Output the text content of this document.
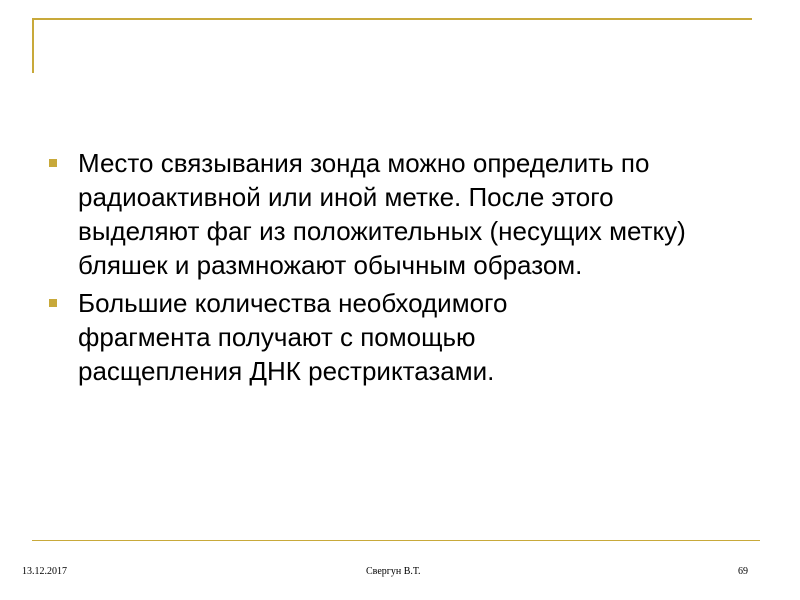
Место связывания зонда можно определить по радиоактивной или иной метке. После этого выделяют фаг из положительных (несущих метку) бляшек и размножают обычным образом.
Большие количества необходимого фрагмента получают с помощью расщепления ДНК рестриктазами.
13.12.2017	Свергун В.Т.	69
